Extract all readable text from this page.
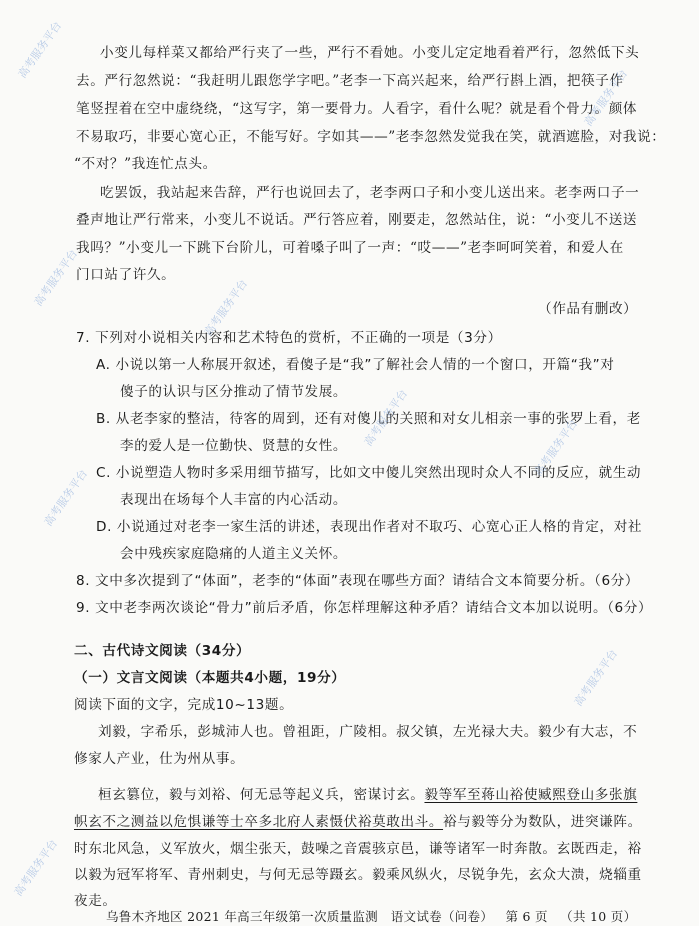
小变儿每样菜又都给严行夹了一些，严行不看她。小变儿定定地看着严行，忽然低下头
去。严行忽然说：“我赶明儿跟您学字吧。”老李一下高兴起来，给严行斟上酒，把筷子作
笔竖捏着在空中虚绕绕，“这写字，第一要骨力。人看字，看什么呢？就是看个骨力。颜体
不易取巧，非要心宽心正，不能写好。字如其——”老李忽然发觉我在笑，就酒遮脸，对我说：
“不对？”我连忙点头。
吃罢饭，我站起来告辞，严行也说回去了，老李两口子和小变儿送出来。老李两口子一
叠声地让严行常来，小变儿不说话。严行答应着，刚要走，忽然站住，说：“小变儿不送送
我吗？”小变儿一下跳下台阶儿，可着嗓子叫了一声：“哎——”老李呵呵笑着，和爱人在
门口站了许久。
（作品有删改）
7. 下列对小说相关内容和艺术特色的赏析，不正确的一项是（3分）
A. 小说以第一人称展开叙述，看傻子是“我”了解社会人情的一个窗口，开篇“我”对
傻子的认识与区分推动了情节发展。
B. 从老李家的整洁，待客的周到，还有对傻儿的关照和对女儿相亲一事的张罗上看，老
李的爱人是一位勤快、贤慧的女性。
C. 小说塑造人物时多采用细节描写，比如文中傻儿突然出现时众人不同的反应，就生动
表现出在场每个人丰富的内心活动。
D. 小说通过对老李一家生活的讲述，表现出作者对不取巧、心宽心正人格的肯定，对社
会中残疾家庭隐痛的人道主义关怀。
8. 文中多次提到了“体面”，老李的“体面”表现在哪些方面？请结合文本简要分析。（6分）
9. 文中老李两次谈论“骨力”前后矛盾，你怎样理解这种矛盾？请结合文本加以说明。（6分）
二、古代诗文阅读（34分）
（一）文言文阅读（本题共4小题，19分）
阅读下面的文字，完成10~13题。
刘毅，字希乐，彭城沛人也。曾祖距，广陵相。叔父镇，左光禄大夫。毅少有大志，不
修家人产业，仕为州从事。
桓玄篡位，毅与刘裕、何无忌等起义兵，密谋讨玄。毅等军至蒋山裕使臧熙登山多张旗
帜玄不之测益以危惧谦等士卒多北府人素慑伏裕莫敢出斗。裕与毅等分为数队，进突谦阵。
时东北风急，义军放火，烟尘张天，鼓噪之音震骇京邑，谦等诸军一时奔散。玄既西走，裕
以毅为冠军将军、青州刺史，与何无忌等蹑玄。毅乘风纵火，尽锐争先，玄众大溃，烧辎重
夜走。
乌鲁木齐地区 2021 年高三年级第一次质量监测　语文试卷（问卷） 第 6 页 （共 10 页）
高考服务平台
高考服务平台	高考服务平台
高考服务平台	高考服务平台
高考服务平台
高考服务平台
高考服务平台
高考服务平台
